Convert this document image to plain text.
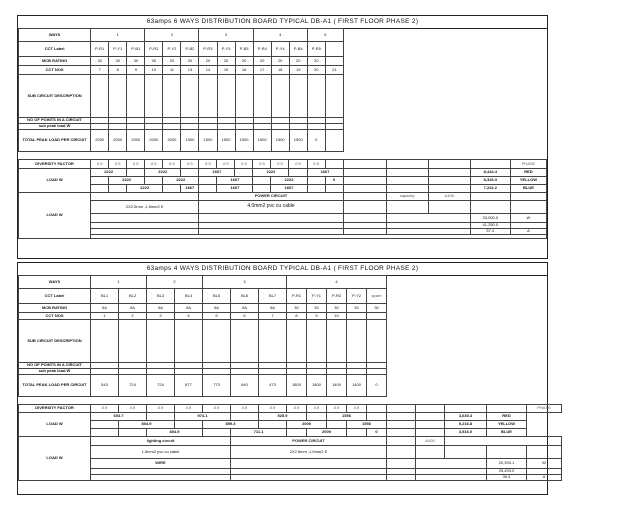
63amps 6 WAYS DISTRIBUTION BOARD TYPICAL DB-A1 ( FIRST FLOOR PHASE 2)
WAYS	1			2			3			4			5		
CCT Label	P-R1	P-Y1	P-B1	P-R2	P-Y2	P-B2	P-R3	P-Y3	P-B3	P-R4	P-Y4	P-B4	P-R5		
MCB RATING	30	30	30	30	20	20	20	20	20	20	20	20	20		
CCT NOS	7	8	9	10	11	13	14	15	16	17	18	19	20	21	
SUB CIRCUIT DESCRIPTION														
NO OF POINTS IN A CIRCUIT															
sub peak load W															
TOTAL PEAK LOAD PER CIRCUIT	2000	2000	2000	2000	2000	1500	1500	1500	1500	1500	1500	1500	0		
DIVERSITY FACTOR	0.9	0.9	0.9	0.9	0.9	0.9	0.9	0.9	0.9	0.9	0.9	0.9	0.9						PHASE
LOAD W	2222			2222			1667			2222			1667					8,444.4	RED
		2222			2222			1667			2222			0				8,333.3	YELLOW
			2222			1667		1667			1667							7,222.2	BLUE
LOAD W							POWER CIRCUIT									capacity	A100		
	2X2.5mm ,1.5mm2 E						4.0mm2 pvc cu cable												
																		33,000.0	W
																		41,250.0	
																		57.4	A

63amps 4 WAYS DISTRIBUTION BOARD TYPICAL DB-A1 ( FIRST FLOOR PHASE 2)
WAYS	1		2		3			4					
CCT Label	BL1	BL2	BL3	BL4	BL5	BL6	BL7	P-R1	P-Y1	P-R2	P-Y2	spare	
MCB RATING	5A	5A	5A	5A	5A	5A	5A	30	30	30	30	30	
CCT NOS	1	2	3	4	5	6	7	8	9	10			
SUB CIRCUIT DESCRIPTION												
NO OF POINTS IN A CIRCUIT													
sub peak load W													
TOTAL PEAK LOAD PER CIRCUIT	543	724	724	877	773	640	473	1800	1800	1400	1400	0	
DIVERSITY FACTOR	0.9	0.9	0.9	0.9	0.9	0.9	0.9	0.9	0.9	0.9	0.9						PHASE
LOAD W	603.7			974.1			525.9			1556					3,630.3	RED	
		804.9			859.3			2000			1556				5,216.8	YELLOW	
			804.9			711.1			2000			0			3,516.0	BLUE	
LOAD W	lighting circuit					POWER CIRCUIT								A100			
	1.5mm2 pvc cu cable					2X2.5mm ,1.5mm2 E											
	WIRE															20,393.1	W
																25,493.0	
																35.4	A
